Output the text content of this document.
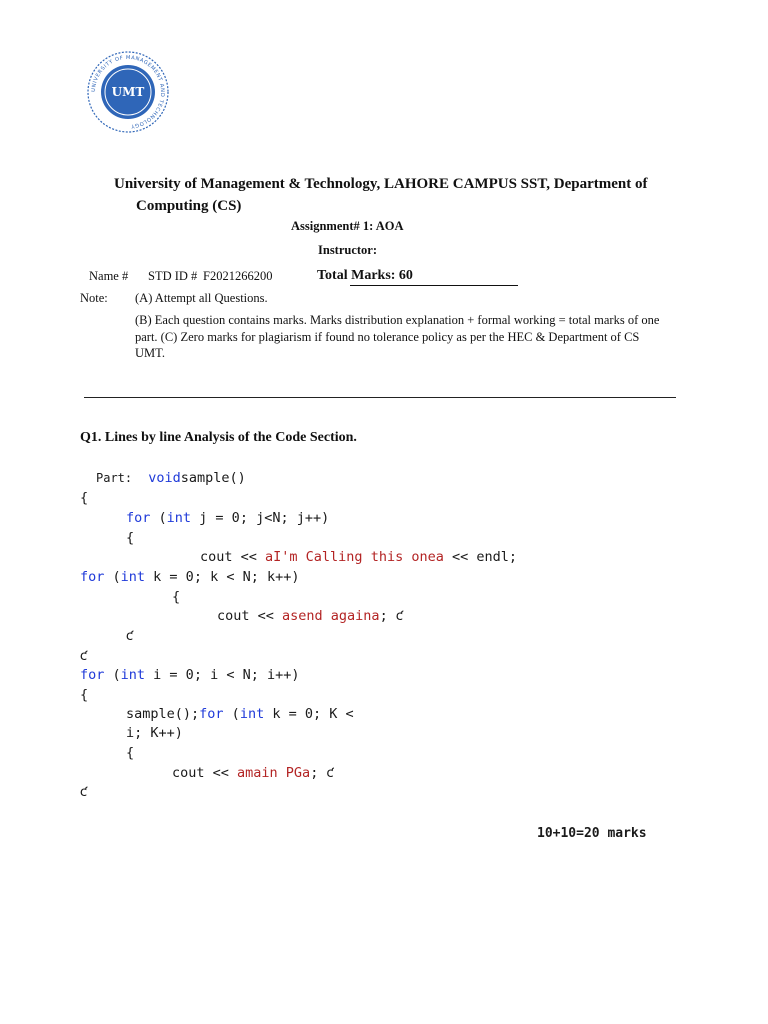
UNIVERSITY OF MANAGEMENT AND TECHNOLOGY
UMT
University of Management & Technology, LAHORE CAMPUS SST, Department of
Computing (CS)
Assignment# 1: AOA
Instructor:
Name # STD ID # F2021266200	Total Marks: 60
Note: (A) Attempt all Questions.
(B) Each question contains marks. Marks distribution explanation + formal working = total marks of one part. (C) Zero marks for plagiarism if found no tolerance policy as per the HEC & Department of CS UMT.
Q1. Lines by line Analysis of the Code Section.
Part: voidsample()
{
for (int j = 0; j<N; j++)
{
cout << aI'm Calling this onea << endl;
for (int k = 0; k < N; k++)
{
cout << asend againa; ƈ
ƈ
ƈ
for (int i = 0; i < N; i++)
{
sample();for (int k = 0; K <
i; K++)
{
cout << amain PGa; ƈ
ƈ
10+10=20 marks
